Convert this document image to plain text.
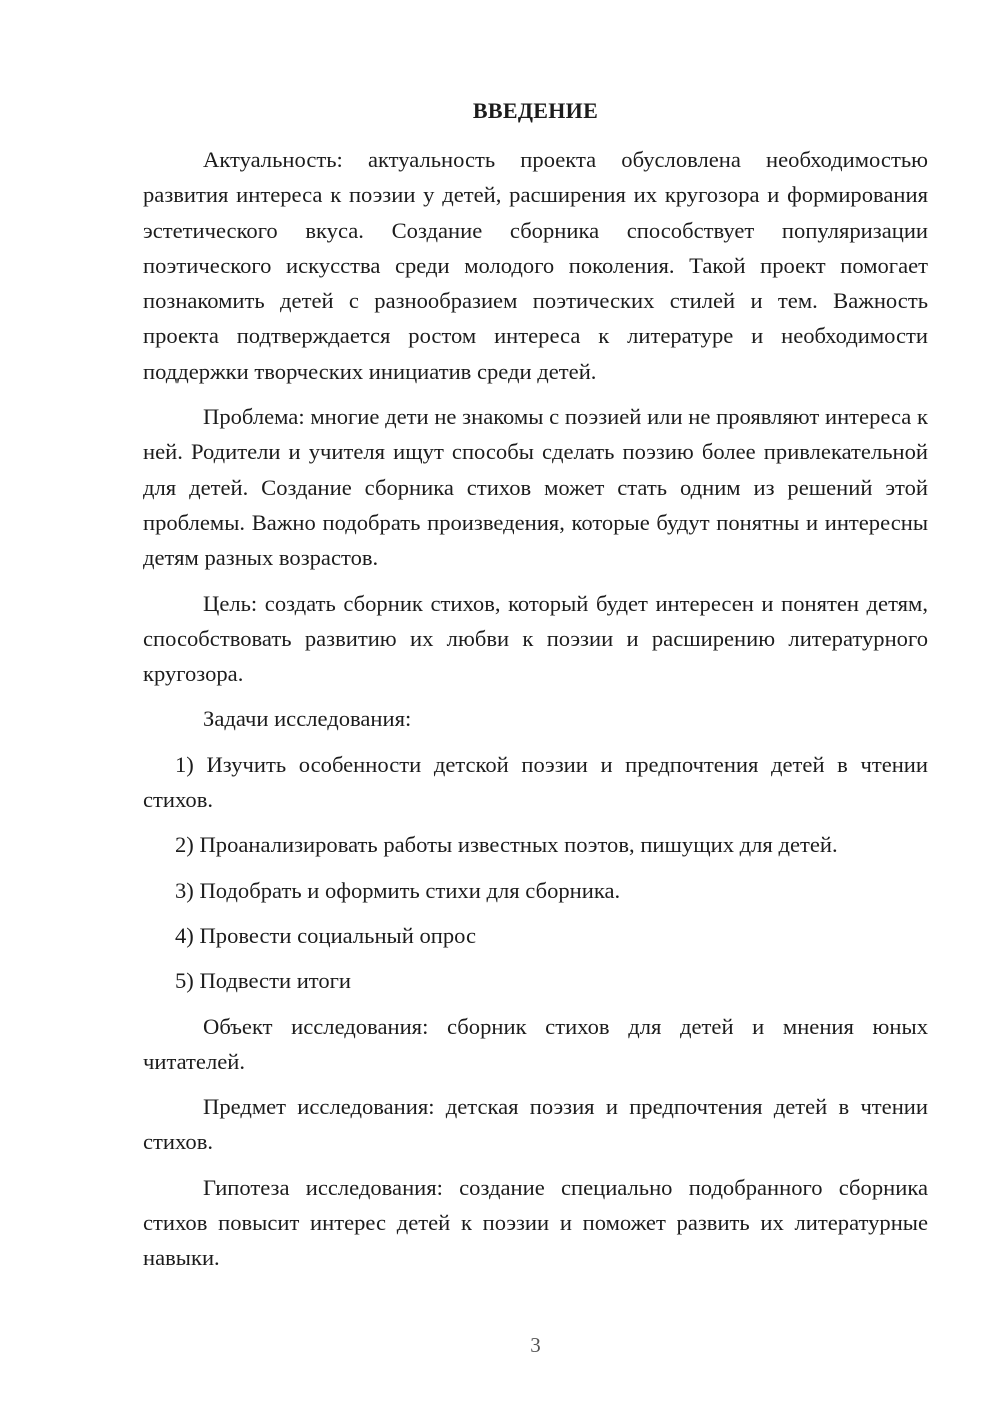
ВВЕДЕНИЕ

Актуальность: актуальность проекта обусловлена необходимостью развития интереса к поэзии у детей, расширения их кругозора и формирования эстетического вкуса. Создание сборника способствует популяризации поэтического искусства среди молодого поколения. Такой проект помогает познакомить детей с разнообразием поэтических стилей и тем. Важность проекта подтверждается ростом интереса к литературе и необходимости поддержки творческих инициатив среди детей.

Проблема: многие дети не знакомы с поэзией или не проявляют интереса к ней. Родители и учителя ищут способы сделать поэзию более привлекательной для детей. Создание сборника стихов может стать одним из решений этой проблемы. Важно подобрать произведения, которые будут понятны и интересны детям разных возрастов.

Цель: создать сборник стихов, который будет интересен и понятен детям, способствовать развитию их любви к поэзии и расширению литературного кругозора.

Задачи исследования:

1) Изучить особенности детской поэзии и предпочтения детей в чтении стихов.

2) Проанализировать работы известных поэтов, пишущих для детей.

3) Подобрать и оформить стихи для сборника.

4) Провести социальный опрос

5) Подвести итоги

Объект исследования: сборник стихов для детей и мнения юных читателей.

Предмет исследования: детская поэзия и предпочтения детей в чтении стихов.

Гипотеза исследования: создание специально подобранного сборника стихов повысит интерес детей к поэзии и поможет развить их литературные навыки.

3
